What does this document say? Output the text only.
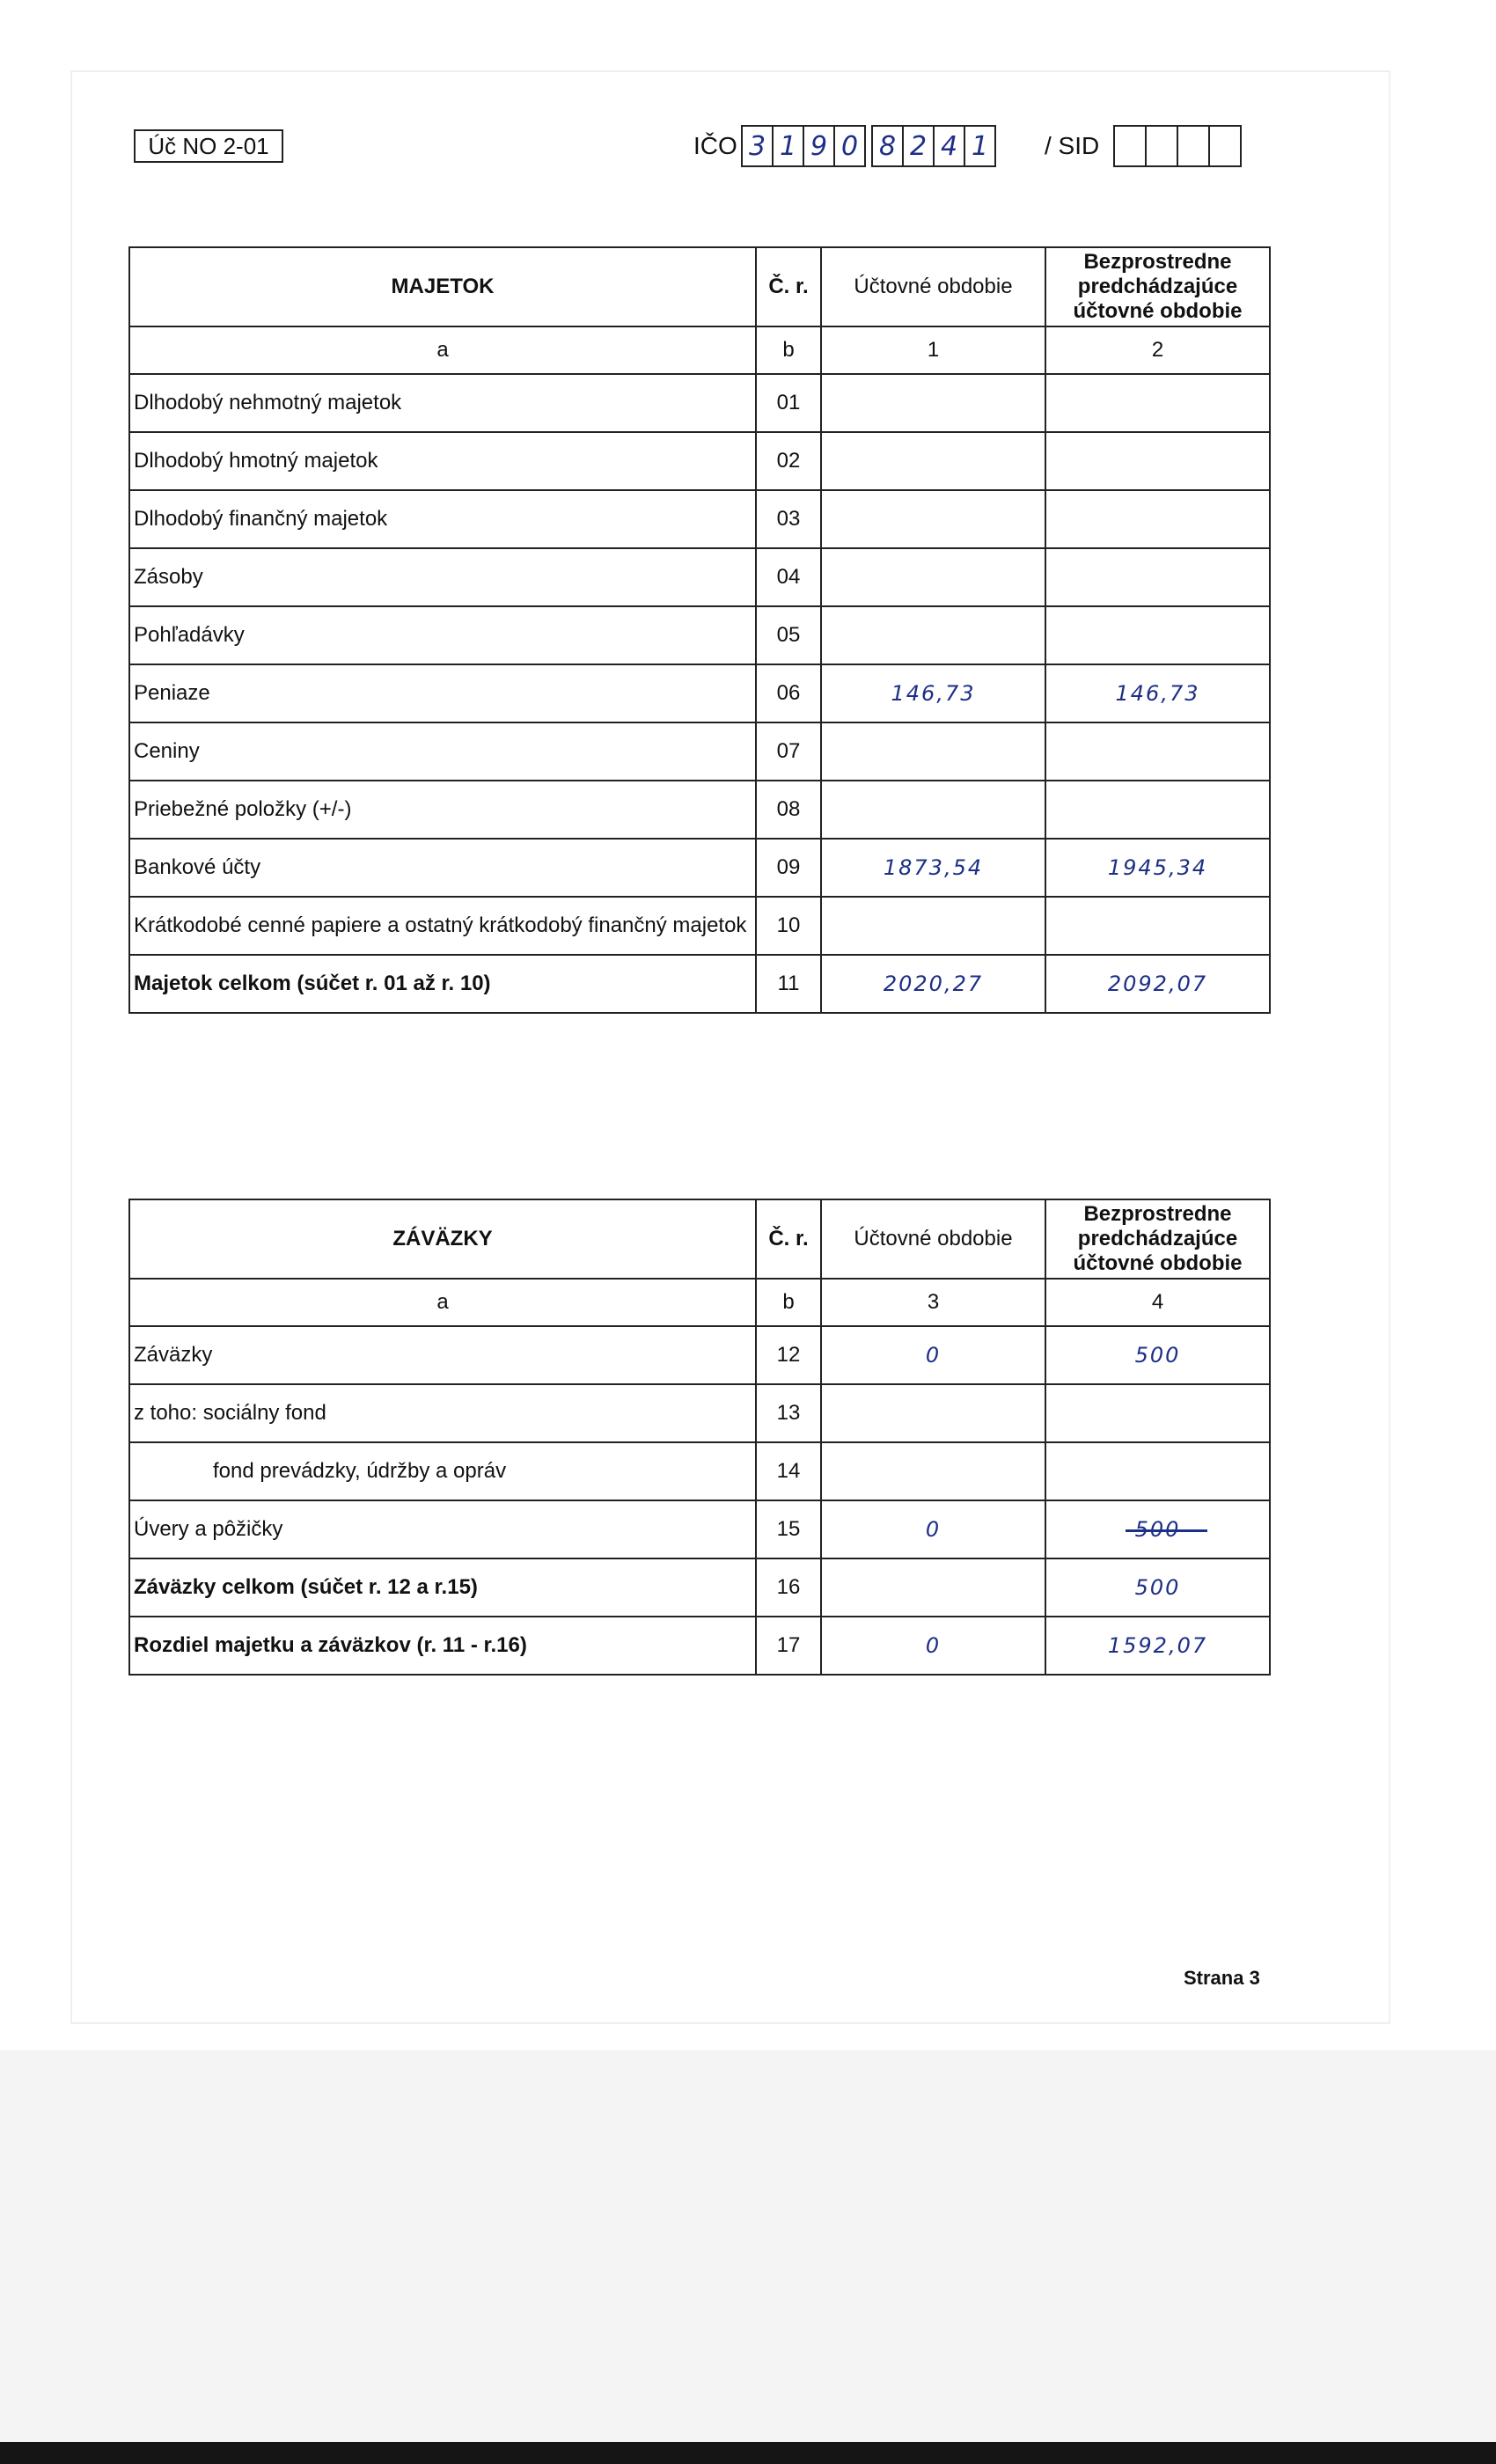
Úč NO 2-01	IČO 3 1 9 0 8 2 4 1	/ SID
MAJETOK	Č. r.	Účtovné obdobie	Bezprostredne predchádzajúce účtovné obdobie
a	b	1	2
Dlhodobý nehmotný majetok	01		
Dlhodobý hmotný majetok	02		
Dlhodobý finančný majetok	03		
Zásoby	04		
Pohľadávky	05		
Peniaze	06	146,73	146,73
Ceniny	07		
Priebežné položky (+/-)	08		
Bankové účty	09	1873,54	1945,34
Krátkodobé cenné papiere a ostatný krátkodobý finančný majetok	10		
Majetok celkom (súčet r. 01 až r. 10)	11	2020,27	2092,07
ZÁVÄZKY	Č. r.	Účtovné obdobie	Bezprostredne predchádzajúce účtovné obdobie
a	b	3	4
Záväzky	12	0	500
z toho: sociálny fond	13		
fond prevádzky, údržby a opráv	14		
Úvery a pôžičky	15	0	500
Záväzky celkom (súčet r. 12 a r.15)	16		500
Rozdiel majetku a záväzkov (r. 11 - r.16)	17	0	1592,07
Strana 3
